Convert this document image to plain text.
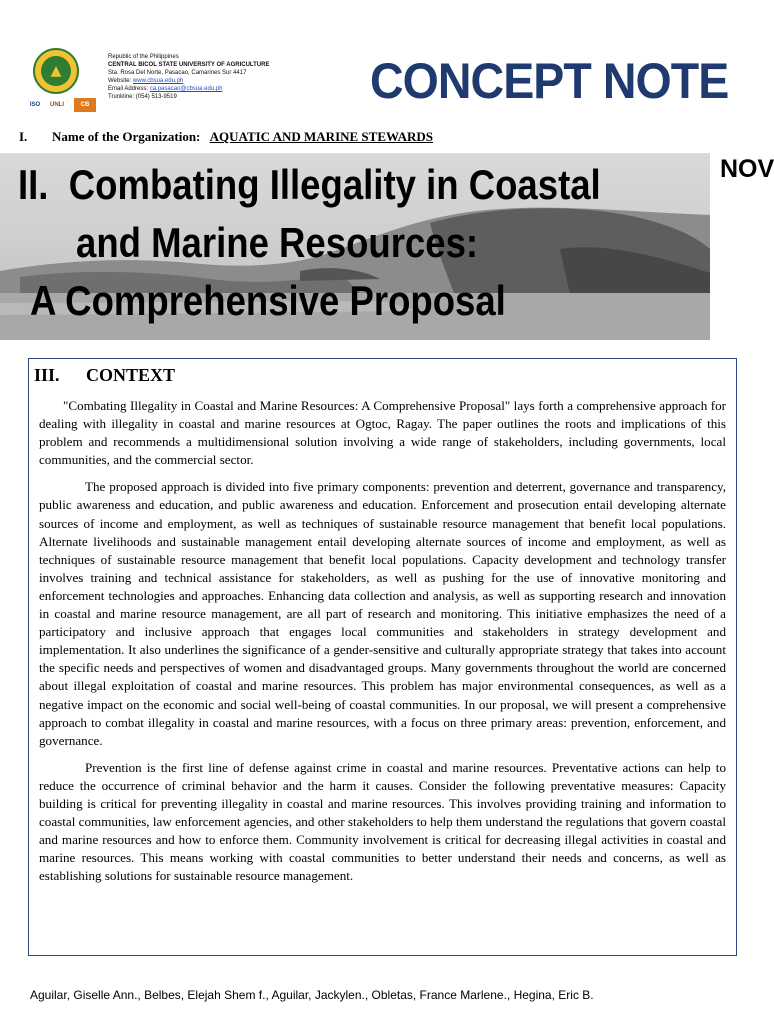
▲
ISO UNLI	CB
Republic of the Philippines
CENTRAL BICOL STATE UNIVERSITY OF AGRICULTURE
Sta. Rosa Del Norte, Pasacao, Camarines Sur 4417
Website: www.cbsua.edu.ph
Email Address: ca.pasacao@cbsua.edu.ph
Trunkline: (054) 513-9519	CONCEPT NOTE
I. Name of the Organization: AQUATIC AND MARINE STEWARDS
II. Combating Illegality in Coastal
and Marine Resources:
A Comprehensive Proposal
NOV
III. CONTEXT

"Combating Illegality in Coastal and Marine Resources: A Comprehensive Proposal" lays forth a comprehensive approach for dealing with illegality in coastal and marine resources at Ogtoc, Ragay. The paper outlines the roots and implications of this problem and recommends a multidimensional solution involving a wide range of stakeholders, including governments, local communities, and the commercial sector.

The proposed approach is divided into five primary components: prevention and deterrent, governance and transparency, public awareness and education, and public awareness and education. Enforcement and prosecution entail developing alternate sources of income and employment, as well as techniques of sustainable resource management that benefit local populations. Alternate livelihoods and sustainable management entail developing alternate sources of income and employment, as well as techniques of sustainable resource management that benefit local populations. Capacity development and technology transfer involves training and technical assistance for stakeholders, as well as pushing for the use of innovative monitoring and enforcement technologies and approaches. Enhancing data collection and analysis, as well as supporting research and innovation in coastal and marine resource management, are all part of research and monitoring. This initiative emphasizes the need of a participatory and inclusive approach that engages local communities and stakeholders in strategy development and implementation. It also underlines the significance of a gender-sensitive and culturally appropriate strategy that takes into account the specific needs and perspectives of women and disadvantaged groups. Many governments throughout the world are concerned about illegal exploitation of coastal and marine resources. This problem has major environmental consequences, as well as a negative impact on the economic and social well-being of coastal communities. In our proposal, we will present a comprehensive approach to combat illegality in coastal and marine resources, with a focus on three primary areas: prevention, enforcement, and governance.

Prevention is the first line of defense against crime in coastal and marine resources. Preventative actions can help to reduce the occurrence of criminal behavior and the harm it causes. Consider the following preventative measures: Capacity building is critical for preventing illegality in coastal and marine resources. This involves providing training and information to coastal communities, law enforcement agencies, and other stakeholders to help them understand the regulations that govern coastal and marine resources and how to enforce them. Community involvement is critical for decreasing illegal activities in coastal and marine resources. This means working with coastal communities to better understand their needs and concerns, as well as establishing solutions for sustainable resource management.

Aguilar, Giselle Ann., Belbes, Elejah Shem f., Aguilar, Jackylen., Obletas, France Marlene., Hegina, Eric B.
